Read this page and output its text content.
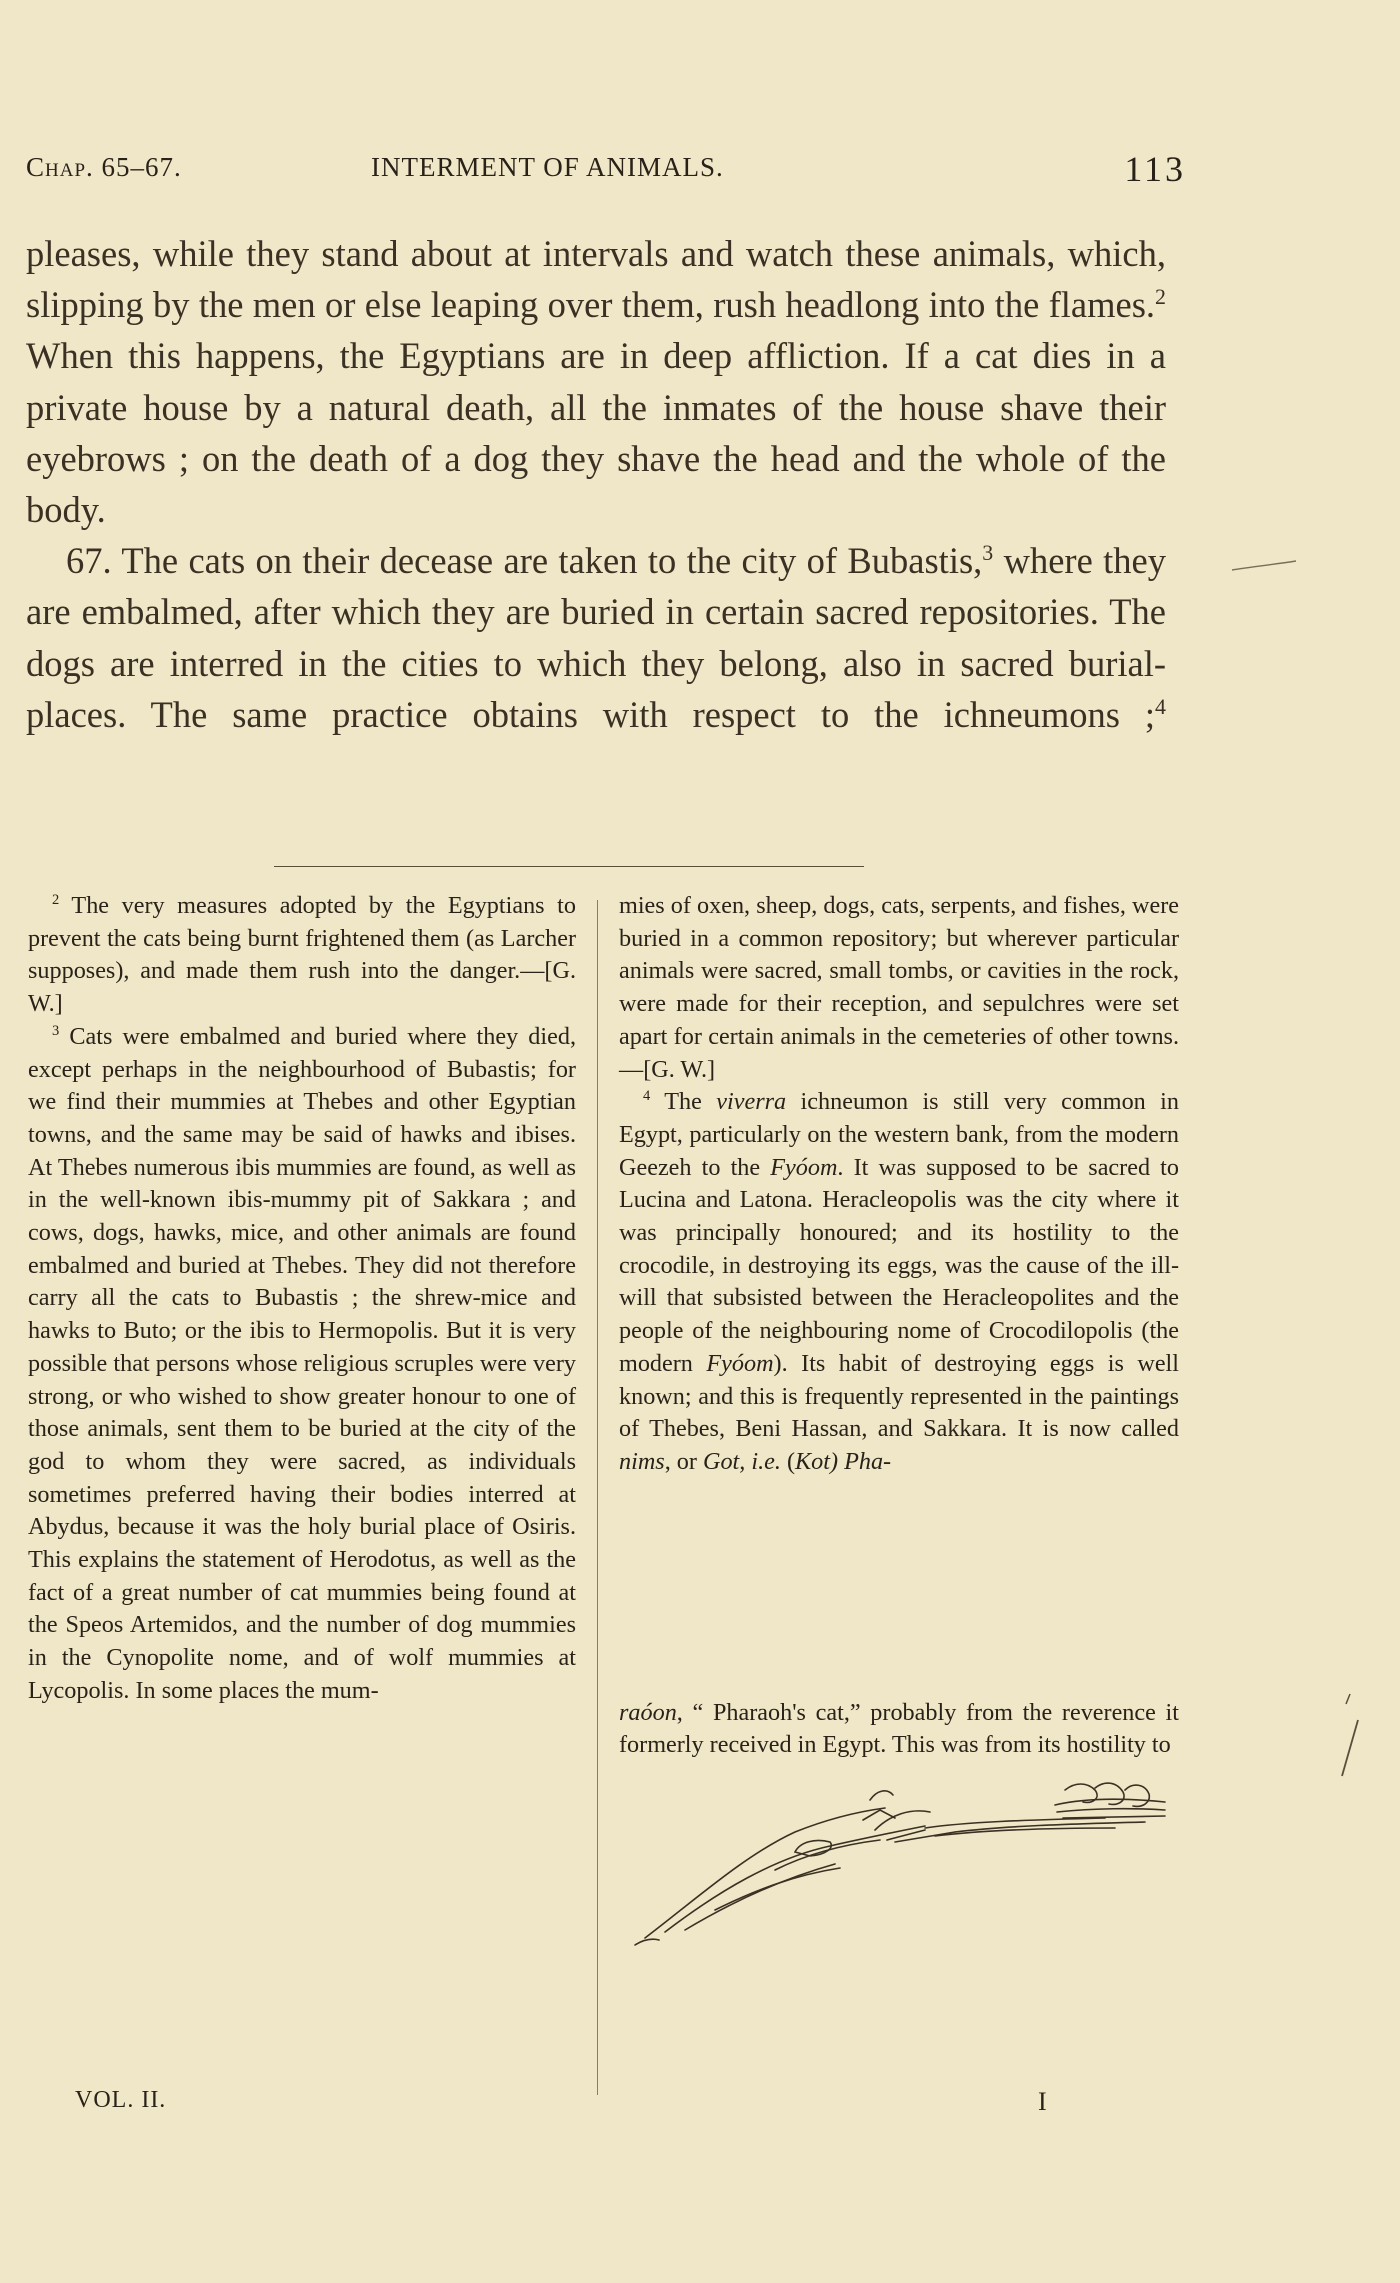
Chap. 65–67.	INTERMENT OF ANIMALS.	113

pleases, while they stand about at intervals and watch these animals, which, slipping by the men or else leaping over them, rush headlong into the flames.$^2$ When this happens, the Egyptians are in deep affliction. If a cat dies in a private house by a natural death, all the inmates of the house shave their eyebrows ; on the death of a dog they shave the head and the whole of the body.

67. The cats on their decease are taken to the city of Bubastis,$^3$ where they are embalmed, after which they are buried in certain sacred repositories. The dogs are interred in the cities to which they belong, also in sacred burial-places. The same practice obtains with respect to the ichneumons ;$^4$

$^2$ The very measures adopted by the Egyptians to prevent the cats being burnt frightened them (as Larcher supposes), and made them rush into the danger.—[G. W.]

$^3$ Cats were embalmed and buried where they died, except perhaps in the neighbourhood of Bubastis; for we find their mummies at Thebes and other Egyptian towns, and the same may be said of hawks and ibises. At Thebes numerous ibis mummies are found, as well as in the well-known ibis-mummy pit of Sakkara ; and cows, dogs, hawks, mice, and other animals are found embalmed and buried at Thebes. They did not therefore carry all the cats to Bubastis ; the shrew-mice and hawks to Buto; or the ibis to Hermopolis. But it is very possible that persons whose religious scruples were very strong, or who wished to show greater honour to one of those animals, sent them to be buried at the city of the god to whom they were sacred, as individuals sometimes preferred having their bodies interred at Abydus, because it was the holy burial place of Osiris. This explains the statement of Herodotus, as well as the fact of a great number of cat mummies being found at the Speos Artemidos, and the number of dog mummies in the Cynopolite nome, and of wolf mummies at Lycopolis. In some places the mum-

mies of oxen, sheep, dogs, cats, serpents, and fishes, were buried in a common repository; but wherever particular animals were sacred, small tombs, or cavities in the rock, were made for their reception, and sepulchres were set apart for certain animals in the cemeteries of other towns. —[G. W.]

$^4$ The viverra ichneumon is still very common in Egypt, particularly on the western bank, from the modern Geezeh to the Fyóom. It was supposed to be sacred to Lucina and Latona. Heracleopolis was the city where it was principally honoured; and its hostility to the crocodile, in destroying its eggs, was the cause of the ill-will that subsisted between the Heracleopolites and the people of the neighbouring nome of Crocodilopolis (the modern Fyóom). Its habit of destroying eggs is well known; and this is frequently represented in the paintings of Thebes, Beni Hassan, and Sakkara. It is now called nims, or Got, i.e. (Kot) Pha-
raóon, “ Pharaoh's cat,” probably from the reverence it formerly received in Egypt. This was from its hostility to

VOL. II.	I
